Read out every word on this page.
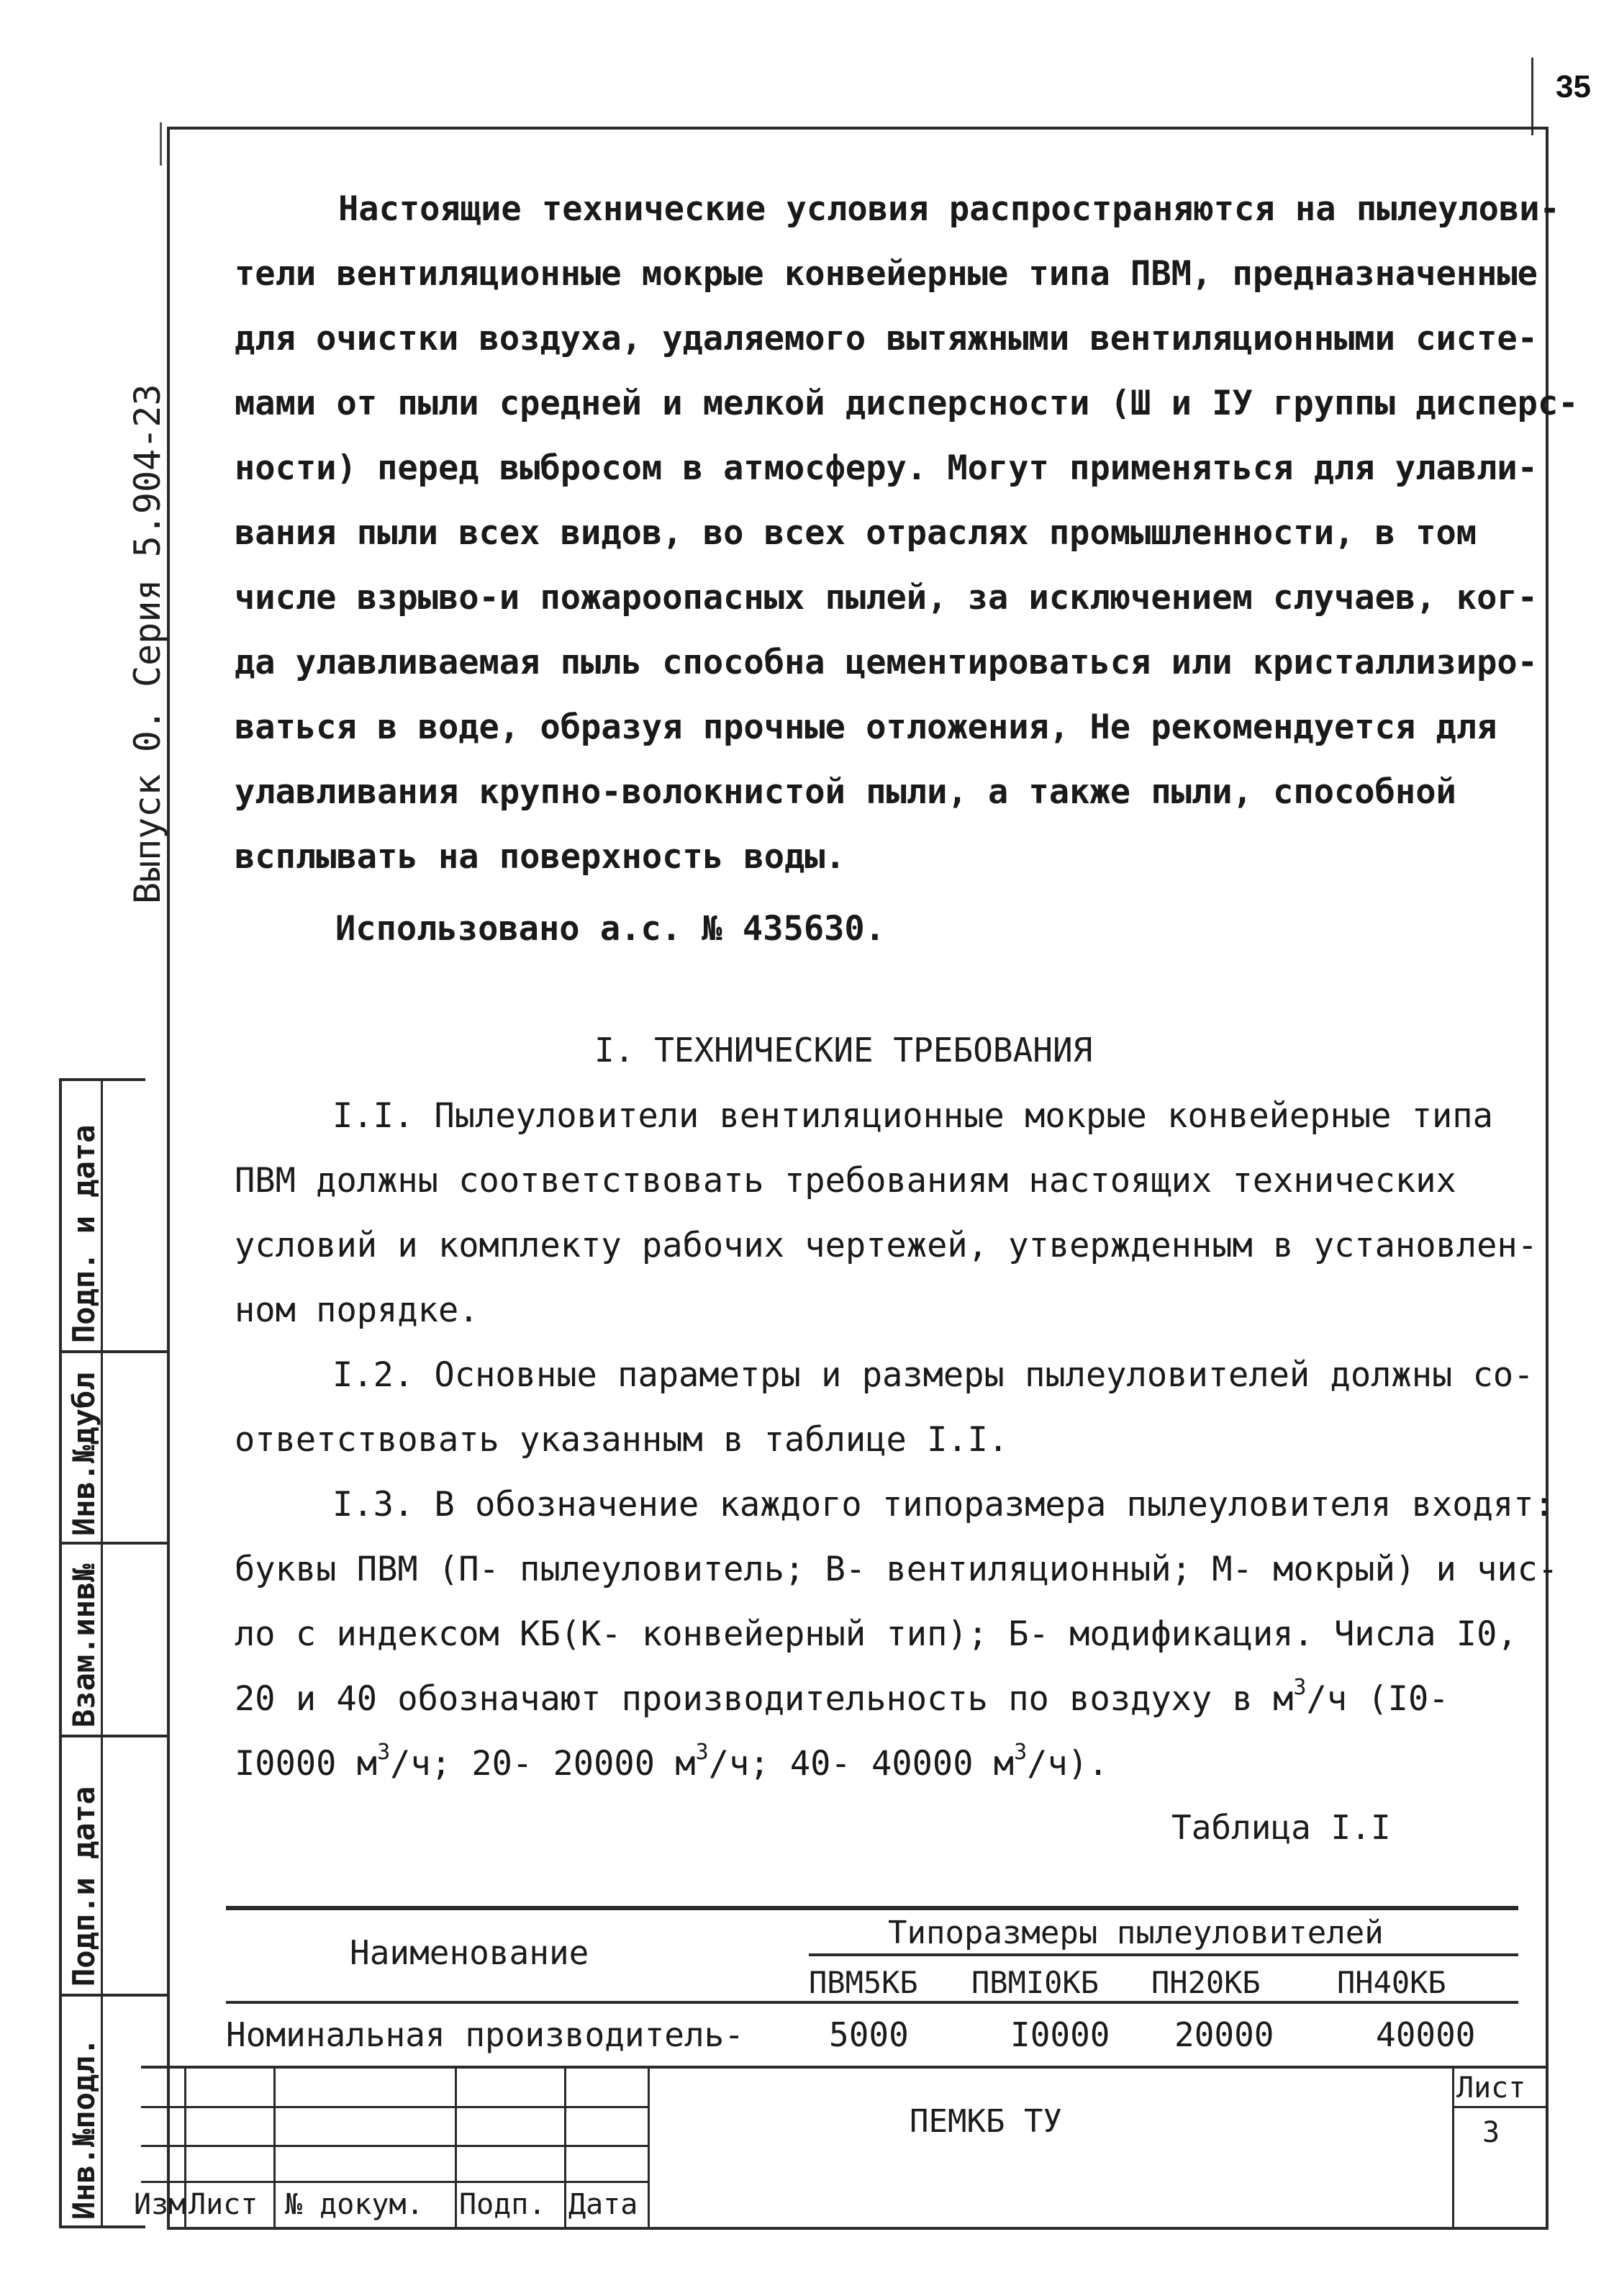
35
Выпуск 0. Серия 5.904-23
Инв.№подл.
Подп.и дата
Взам.инв№
Инв.№дубл
Подп. и дата
Настоящие технические условия распространяются на пылеулови-
тели вентиляционные мокрые конвейерные типа ПВМ, предназначенные
для очистки воздуха, удаляемого вытяжными вентиляционными систе-
мами от пыли средней и мелкой дисперсности (Ш и IУ группы дисперс-
ности) перед выбросом в атмосферу. Могут применяться для улавли-
вания пыли всех видов, во всех отраслях промышленности, в том
числе взрыво-и пожароопасных пылей, за исключением случаев, ког-
да улавливаемая пыль способна цементироваться или кристаллизиро-
ваться в воде, образуя прочные отложения, Не рекомендуется для
улавливания крупно-волокнистой пыли, а также пыли, способной
всплывать на поверхность воды.
Использовано а.с. № 435630.
I. ТЕХНИЧЕСКИЕ ТРЕБОВАНИЯ
I.I. Пылеуловители вентиляционные мокрые конвейерные типа
ПВМ должны соответствовать требованиям настоящих технических
условий и комплекту рабочих чертежей, утвержденным в установлен-
ном порядке.
I.2. Основные параметры и размеры пылеуловителей должны со-
ответствовать указанным в таблице I.I.
I.3. В обозначение каждого типоразмера пылеуловителя входят:
буквы ПВМ (П- пылеуловитель; В- вентиляционный; М- мокрый) и чис-
ло с индексом КБ(К- конвейерный тип); Б- модификация. Числа I0,
20 и 40 обозначают производительность по воздуху в $м^3/ч$ (I0-
I0000 $м^3/ч$; 20- 20000 $м^3/ч$; 40- 40000 $м^3/ч$).
Таблица I.I
Наименование
Типоразмеры пылеуловителей
ПВМ5КБ ПВМI0КБ ПН20КБ	ПН40КБ
Номинальная производитель-	5000	I0000 20000	40000
Изм Лист № докум. Подп. Дата
ПЕМКБ ТУ
Лист
3
